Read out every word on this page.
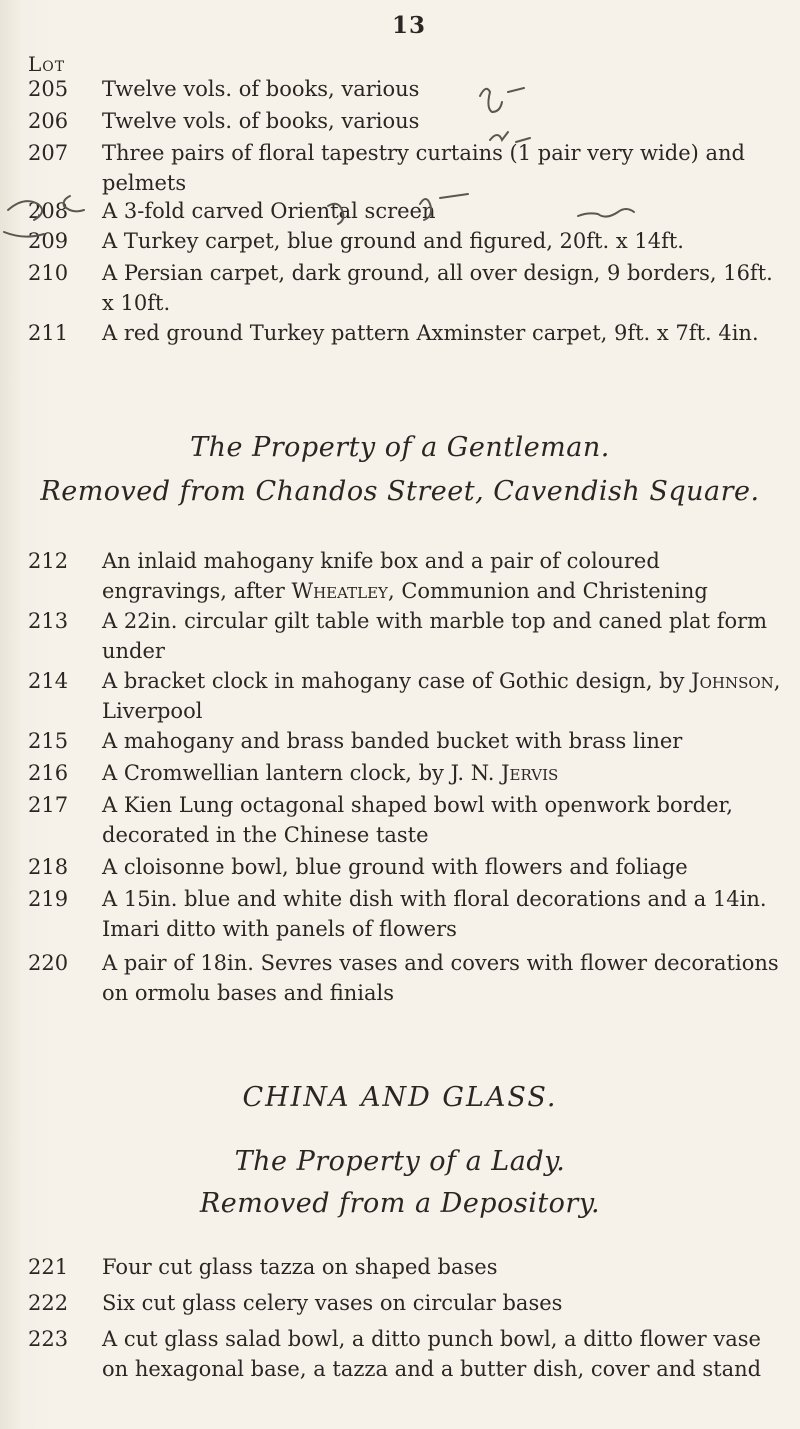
13
Lot
205	Twelve vols. of books, various
206	Twelve vols. of books, various
207	Three pairs of floral tapestry curtains (1 pair very wide) and pelmets
208	A 3-fold carved Oriental screen
209	A Turkey carpet, blue ground and figured, 20ft. x 14ft.
210	A Persian carpet, dark ground, all over design, 9 borders, 16ft. x 10ft.
211	A red ground Turkey pattern Axminster carpet, 9ft. x 7ft. 4in.
The Property of a Gentleman.
Removed from Chandos Street, Cavendish Square.
212	An inlaid mahogany knife box and a pair of coloured engravings, after Wheatley, Communion and Christening
213	A 22in. circular gilt table with marble top and caned plat form under
214	A bracket clock in mahogany case of Gothic design, by Johnson, Liverpool
215	A mahogany and brass banded bucket with brass liner
216	A Cromwellian lantern clock, by J. N. Jervis
217	A Kien Lung octagonal shaped bowl with openwork border, decorated in the Chinese taste
218	A cloisonne bowl, blue ground with flowers and foliage
219	A 15in. blue and white dish with floral decorations and a 14in. Imari ditto with panels of flowers
220	A pair of 18in. Sevres vases and covers with flower decorations on ormolu bases and finials
CHINA AND GLASS.
The Property of a Lady.
Removed from a Depository.
221	Four cut glass tazza on shaped bases
222	Six cut glass celery vases on circular bases
223	A cut glass salad bowl, a ditto punch bowl, a ditto flower vase on hexagonal base, a tazza and a butter dish, cover and stand
